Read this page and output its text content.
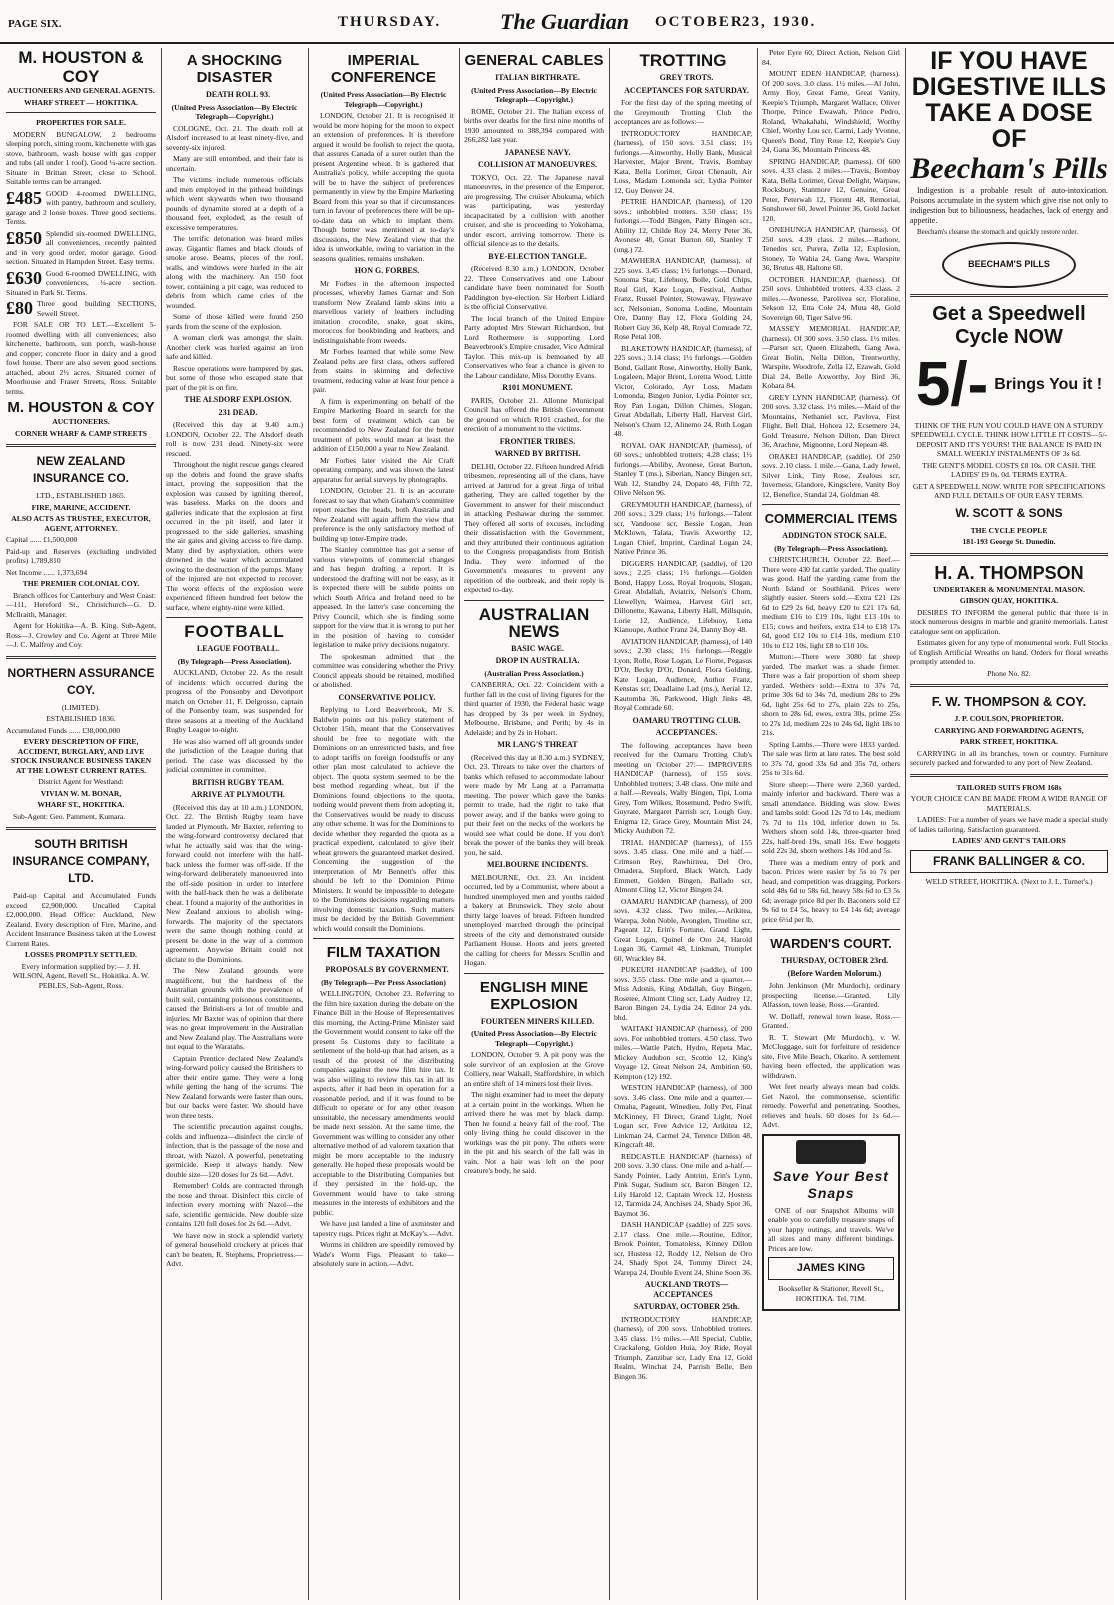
PAGE SIX.	THURSDAY.	The Guardian OCTOBER
23, 1930.
M. HOUSTON & COY

AUCTIONEERS AND GENERAL AGENTS.

WHARF STREET — HOKITIKA.

PROPERTIES FOR SALE.

MODERN BUNGALOW, 2 bedrooms sleeping porch, sitting room, kitchenette with gas stove, bathroom, wash house with gas copper and tubs (all under 1 roof). Good ¼-acre section. Situate in Brittan Street, close to School. Suitable terms can be arranged.

£485 GOOD 4-roomed DWELLING, with pantry, bathroom and scullery, garage and 2 loose boxes. Three good sections. Terms.

£850 Splendid six-roomed DWELLING, all conveniences, recently painted and in very good order, motor garage. Good section. Situated in Hampden Street. Easy terms.

£630 Good 6-roomed DWELLING, with conveniences, ¼-acre section. Situated in Park St. Terms.

£80 Three good building SECTIONS, Sewell Street.

FOR SALE OR TO LET.—Excellent 5-roomed dwelling with all conveniences; also kitchenette, bathroom, sun porch, wash-house and copper; concrete floor in dairy and a good fowl house. There are also seven good sections attached, about 2½ acres. Situated corner of Moorhouse and Fraser Streets, Ross. Suitable terms.

M. HOUSTON & COY

AUCTIONEERS.

CORNER WHARF & CAMP STREETS

NEW ZEALAND INSURANCE CO.

LTD., ESTABLISHED 1865.

FIRE, MARINE, ACCIDENT.

ALSO ACTS AS TRUSTEE, EXECUTOR, AGENT, ATTORNEY.

Capital ...... £1,500,000

Paid-up and Reserves (excluding undivided profits) 1,789,810

Net Income ...... 1,373,694

THE PREMIER COLONIAL COY.

Branch offices for Canterbury and West Coast:—111, Hereford St., Christchurch—G. D. McIlraith, Manager.

Agent for Hokitika—A. B. King. Sub-Agent, Ross—J. Crowley and Co. Agent at Three Mile—J. C. Malfroy and Coy.

NORTHERN ASSURANCE COY.

(LIMITED).

ESTABLISHED 1836.

Accumulated Funds ...... £38,000,000

EVERY DESCRIPTION OF FIRE, ACCIDENT, BURGLARY, AND LIVE STOCK INSURANCE BUSINESS TAKEN AT THE LOWEST CURRENT RATES.

District Agent for Westland:

VIVIAN W. M. BONAR,

WHARF ST., HOKITIKA.

Sub-Agent: Geo. Pamment, Kumara.

SOUTH BRITISH INSURANCE COMPANY, LTD.

Paid-up Capital and Accumulated Funds exceed £2,900,000. Uncalled Capital £2,000,000. Head Office: Auckland, New Zealand. Every description of Fire, Marine, and Accident Insurance Business taken at the Lowest Current Rates.

LOSSES PROMPTLY SETTLED.

Every information supplied by:— J. H. WILSON, Agent, Revell St., Hokitika. A. W. PEBLES, Sub-Agent, Ross.

A SHOCKING DISASTER

DEATH ROLL 93.

(United Press Association—By Electric Telegraph—Copyright.)

COLOGNE, Oct. 21. The death roll at Alsdorf increased to at least ninety-five, and seventy-six injured.

Many are still entombed, and their fate is uncertain.

The victims include numerous officials and men employed in the pithead buildings which went skywards when two thousand pounds of dynamite stored at a depth of a thousand feet, exploded, as the result of excessive temperatures.

The terrific detonation was heard miles away. Gigantic flames and black clouds of smoke arose. Beams, pieces of the roof, walls, and windows were hurled in the air along with the machinery. An 150 foot tower, containing a pit cage, was reduced to debris from which came cries of the wounded.

Some of those killed were found 250 yards from the scene of the explosion.

A woman clerk was amongst the slain. Another clerk was hurled against an iron safe and killed.

Rescue operations were hampered by gas, but some of those who escaped state that part of the pit is on fire.

THE ALSDORF EXPLOSION.

231 DEAD.

(Received this day at 9.40 a.m.) LONDON, October 22. The Alsdorf death roll is now 231 dead. Ninety-six were rescued.

Throughout the night rescue gangs cleared up the debris and found the grave shafts intact, proving the supposition that the explosion was caused by igniting thereof, was baseless. Marks on the doors and galleries indicate that the explosion at first occurred in the pit itself, and later it progressed to the side galleries, smashing the air gates and giving access to fire damp. Many died by asphyxiation, others were drowned in the water which accumulated owing to the destruction of the pumps. Many of the injured are not expected to recover. The worst effects of the explosion were experienced fifteen hundred feet below the surface, where eighty-nine were killed.

FOOTBALL

LEAGUE FOOTBALL.

(By Telegraph—Press Association).

AUCKLAND, October 22. As the result of incidents which occurred during the progress of the Ponsonby and Devonport match on October 11, F. Delgrosso, captain of the Ponsonby team, was suspended for three seasons at a meeting of the Auckland Rugby League to-night.

He was also warned off all grounds under the jurisdiction of the League during that period. The case was discussed by the judicial committee in committee.

BRITISH RUGBY TEAM.

ARRIVE AT PLYMOUTH.

(Received this day at 10 a.m.) LONDON, Oct. 22. The British Rugby team have landed at Plymouth. Mr Baxter, referring to the wing-forward controversy declared that what he actually said was that the wing-forward could not interfere with the half-back unless the former was off-side. If the wing-forward deliberately manoeuvred into the off-side position in order to interfere with the half-back then he was a deliberate cheat. I found a majority of the authorities in New Zealand anxious to abolish wing-forwards. The majority of the spectators were the same though nothing could at present be done in the way of a common agreement. Anywise Britain could not dictate to the Dominions.

The New Zealand grounds were magnificent, but the hardness of the Australian grounds with the prevalence of built soil, containing poisonous constituents, caused the British-ers a lot of trouble and injuries. Mr Baxter was of opinion that there was no great improvement in the Australian and New Zealand play. The Australians were not equal to the Waratahs.

Captain Prentice declared New Zealand's wing-forward policy caused the Britishers to alter their entire game. They were a long while getting the hang of the scrums. The New Zealand forwards were faster than ours, but our backs were faster. We should have won three tests.

The scientific precaution against coughs, colds and influenza—disinfect the circle of infection, that is the passage of the nose and throat, with Nazol. A powerful, penetrating germicide. Keep it always handy. New double size—120 doses for 2s 6d.—Advt.

Remember! Colds are contracted through the nose and throat. Disinfect this circle of infection every morning with Nazol—the safe, scientific germicide. New double size contains 120 full doses for 2s 6d.—Advt.

We have now in stock a splendid variety of general household crockery at prices that can't be beaten, R. Stephens, Proprietress.—Advt.

IMPERIAL CONFERENCE

(United Press Association—By Electric Telegraph—Copyright.)

LONDON, October 21. It is recognised it would be more hoping for the moon to expect an extension of preferences. It is therefore argued it would be foolish to reject the quota, that assures Canada of a surer outlet than the present Argentine wheat. It is gathered that Australia's policy, while accepting the quota will be to have the subject of preferences permanently in view by the Empire Marketing Board from this year so that if circumstances turn in favour of preferences there will be up-to-date data on which to implant them. Though butter was mentioned at to-day's discussions, the New Zealand view that the idea is unworkable, owing to variation in the seasons qualities, remains unshaken.

HON G. FORBES.

Mr Forbes in the afternoon inspected processes, whereby James Garnar and Son transform New Zealand lamb skins into a marvellous variety of leathers including imitation crocodile, snake, goat skins, moroccos for bookbinding and leathers, and indistinguishable from tweeds.

Mr Forbes learned that while some New Zealand pelts are first class, others suffered from stains in skinning and defective treatment, reducing value at least four pence a pair.

A firm is experimenting on behalf of the Empire Marketing Board in search for the best form of treatment which can be recommended to New Zealand for the better treatment of pelts would mean at least the addition of £150,000 a year to New Zealand.

Mr Forbes later visited the Air Craft operating company, and was shown the latest apparatus for aerial surveys by photographs.

LONDON, October 21. It is an accurate forecast to say that when Graham's committee report reaches the heads, both Australia and New Zealand will again affirm the view that preference is the only satisfactory method of building up inter-Empire trade.

The Stanley committee has got a sense of various viewpoints of commercial changes and has begun drafting a report. It is understood the drafting will not be easy, as it is expected there will be subtle points on which South Africa and Ireland need to be appeased. In the latter's case concerning the Privy Council, which she is finding some support for the view that it is wrong to put her in the position of having to consider legislation to make privy decisions nugatory.

The spokesman admitted that the committee was considering whether the Privy Council appeals should be retained, modified or abolished.

CONSERVATIVE POLICY.

Replying to Lord Beaverbrook, Mr S. Baldwin points out his policy statement of October 15th, meant that the Conservatives should be free to negotiate with the Dominions on an unrestricted basis, and free to adopt tariffs on foreign foodstuffs or any other plan most calculated to achieve the object. The quota system seemed to be the best method regarding wheat, but if the Dominions found objections to the quota, nothing would prevent them from adopting it, the Conservatives would be ready to discuss any other scheme. It was for the Dominions to decide whether they regarded the quota as a practical expedient, calculated to give their wheat growers the guaranteed market desired. Concerning the suggestion of the interpretation of Mr Bennett's offer this should be left to the Dominion Prime Ministers. It would be impossible to delegate to the Dominions decisions regarding matters involving domestic taxation. Such matters must be decided by the British Government which would consult the Dominions.

FILM TAXATION

PROPOSALS BY GOVERNMENT.

(By Telegraph—Per Press Association)

WELLINGTON, October 23. Referring to the film hire taxation during the debate on the Finance Bill in the House of Representatives this morning, the Acting-Prime Minister said the Government would consent to take off the present 5s Customs duty to facilitate a settlement of the hold-up that had arisen, as a result of the protest of the distributing companies against the new film hire tax. It was also willing to review this tax in all its aspects, after it had been in operation for a reasonable period, and if it was found to be difficult to operate or for any other reason unsuitable, the necessary amendments would be made next session. At the same time, the Government was willing to consider any other alternative method of ad valorem taxation that might be more acceptable to the industry generally. He hoped these proposals would be acceptable to the Distributing Companies but if they persisted in the hold-up, the Government would have to take strong measures in the interests of exhibitors and the public.

We have just landed a line of axminster and tapestry rugs. Prices right at McKay's.—Advt.

Worms in children are speedily removed by Wade's Worm Figs. Pleasant to take—absolutely sure in action.—Advt.

GENERAL CABLES

ITALIAN BIRTHRATE.

(United Press Association—By Electric Telegraph—Copyright.)

ROME, October 21. The Italian excess of births over deaths for the first nine months of 1930 amounted to 388,394 compared with 266,282 last year.

JAPANESE NAVY.

COLLISION AT MANOEUVRES.

TOKYO, Oct. 22. The Japanese naval manoeuvres, in the presence of the Emperor, are progressing. The cruiser Abukuma, which was participating, was yesterday incapacitated by a collision with another cruiser, and she is proceeding to Yokohama, under escort, arriving tomorrow. There is official silence as to the details.

BYE-ELECTION TANGLE.

(Received 8.30 a.m.) LONDON, October 22. Three Conservatives and one Labour candidate have been nominated for South Paddington bye-election. Sir Herbert Lidiard is the official Conservative.

The local branch of the United Empire Party adopted Mrs Stewart Richardson, but Lord Rothermere is supporting Lord Beaverbrook's Empire crusader, Vice Admiral Taylor. This mix-up is bemoaned by all Conservatives who fear a chance is given to the Labour candidate, Miss Dorothy Evans.

R101 MONUMENT.

PARIS, October 21. Allonne Municipal Council has offered the British Government the ground on which R101 crashed, for the erection of a monument to the victims.

FRONTIER TRIBES.

WARNED BY BRITISH.

DELHI, October 22. Fifteen hundred Afridi tribesmen, representing all of the clans, have arrived at Jamrud for a great Jirga of tribal gathering. They are called together by the Government to answer for their misconduct in attacking Peshawar during the summer. They offered all sorts of excuses, including their dissatisfaction with the Government, and they attributed their continuous agitation to the Congress propagandists from British India. They were informed of the Government's measures to prevent any repetition of the outbreak, and their reply is expected to-day.

AUSTRALIAN NEWS

BASIC WAGE.

DROP IN AUSTRALIA.

(Australian Press Association.)

CANBERRA, Oct. 22. Coincident with a further fall in the cost of living figures for the third quarter of 1930, the Federal basic wage has dropped by 3s per week in Sydney, Melbourne, Brisbane, and Perth; by 4s in Adelaide; and by 2s in Hobart.

MR LANG'S THREAT

(Received this day at 8.30 a.m.) SYDNEY, Oct. 23. Threats to take over the charters of banks which refused to accommodate labour were made by Mr Lang at a Parramatta meeting. The power which gave the banks permit to trade, had the right to take that power away, and if the banks were going to put their feet on the necks of the workers he would see what could be done. If you don't break the power of the banks they will break you, he said.

MELBOURNE INCIDENTS.

MELBOURNE, Oct. 23. An incident occurred, led by a Communist, where about a hundred unemployed men and youths raided a bakery at Brunswick. They stole about thirty large loaves of bread. Fifteen hundred unemployed marched through the principal streets of the city and demonstrated outside Parliament House. Hoots and jeers greeted the calling for cheers for Messrs Scullin and Hogan.

ENGLISH MINE EXPLOSION

FOURTEEN MINERS KILLED.

(United Press Association—By Electric Telegraph—Copyright.)

LONDON, October 9. A pit pony was the sole survivor of an explosion at the Grove Colliery, near Walsall, Staffordshire, in which an entire shift of 14 miners lost their lives.

The night examiner had to meet the deputy at a certain point in the workings. When he arrived there he was met by black damp. Then he found a heavy fall of the roof. The only living thing he could discover in the workings was the pit pony. The others were in the pit and his search of the fall was in vain. Not a hair was left on the poor creature's body, he said.

TROTTING

GREY TROTS.

ACCEPTANCES FOR SATURDAY.

For the first day of the spring meeting of the Greymouth Trotting Club the acceptances are as follows:—

INTRODUCTORY HANDICAP, (harness), of 150 sovs. 3.51 class; 1½ furlongs.—Ainworthy, Holly Bank, Musical Harvester, Major Brent, Travis, Bombay Kata, Bella Lorimer, Great Chenault, Air Loss, Madam Lomonda scr, Lydia Pointer 12, Guy Denver 24.

PETRIE HANDICAP, (harness), of 120 sovs.; unhobbled trotters. 3.50 class; 1½ furlongs.—Todd Bingen, Patty Bingen scr., Ability 12, Childe Roy 24, Merry Peter 36, Avonese 48, Great Burton 60, Stanley T (ung.) 72.

MAWHERA HANDICAP, (harness), of 225 sovs. 3.45 class; 1½ furlongs.—Donard, Sonoma Star, Lifebuoy, Bolle, Gold Chips, Real Girl, Kate Logan, Festival, Author Franz, Russel Pointer, Stowaway, Flyswave scr, Nelsonian, Sonoma Lodine, Mountain Ore, Danny Bay 12, Flora Golding 24, Robert Guy 36, Kelp 48, Royal Comrade 72, Rose Petal 108.

BLAKETOWN HANDICAP, (harness), of 225 sovs.; 3.14 class; 1½ furlongs.—Golden Bond, Gallant Rose, Ainworthy, Holly Bank, Logaleen, Major Brent, Loretta Wood, Little Victor, Colorado, Ayr Loss, Madam Lomonda, Bingen Junior, Lydia Pointer scr, Roy Pan Logan, Dillon Chimes, Slogan, Great Abdallah, Liberty Hall, Harvest Girl, Nelson's Chum 12, Alinemo 24, Ruth Logan 48.

ROYAL OAK HANDICAP, (harness), of 60 sovs.; unhobbled trotters; 4.28 class; 1½ furlongs.—Abiliby, Avonese, Great Burton, Stanley T (ms.), Siberian, Nancy Bingen scr, Wah 12, Standby 24, Dopato 48, Fifth 72, Olive Nelson 96.

GREYMOUTH HANDICAP, (harness), of 200 sovs.; 3.29 class; 1½ furlongs.—Talent scr, Vandoose scr, Bessie Logan, Jean McKlown, Talata, Travis Axworthy 12, Logan Chief, Imprint, Cardinal Logan 24, Native Prince 36.

DIGGERS HANDICAP, (saddle), of 120 sovs.; 2.25 class; 1½ furlongs.—Golden Bond, Happy Loss, Royal Iroquois, Slogan, Great Abdallah, Aviatrix, Nelson's Chum, Llewellyn, Waimea, Harvest Girl scr, Dillonette, Kawana, Liberty Hall, Millsquin, Lorie 12, Audience, Lifebuoy, Lena Kianoupe, Author Franz 24, Danny Boy 48.

AVIATION HANDICAP, (harness), of 140 sovs.; 2.30 class; 1½ furlongs.—Reggie Lyon, Rolle, Rose Logan, Le Fiorte, Pegasus D'Or, Becky D'Or, Donard, Flora Golding, Kate Logan, Audience, Author Franz, Kenstas scr, Deadlaine Lad (ms.), Aerial 12, Kautomba 36, Parkwood, High Jinks 48, Royal Comrade 60.

OAMARU TROTTING CLUB.

ACCEPTANCES.

The following acceptances have been received for the Oamaru Trotting Club's meeting on October 27:— IMPROVERS HANDICAP (harness), of 155 sovs. Unhobbled trotters; 3.48 class. One mile and a half.—Reveals, Wally Bingen, Tipi, Loma Grey, Tom Wilkes, Rosemund, Pedro Swift, Guyrate, Margaret Parrish scr, Lough Guy, Enigma 12, Grace Grey, Mountain Mist 24, Micky Audubon 72.

TRIAL HANDICAP (harness), of 155 sovs. 3.45 class. One mile and a half.—Crimson Rey, Rawhirirea, Del Oro, Omadera, Stepford, Black Watch, Lady Emmett, Golden Bingen, Ballado scr, Almont Cling 12, Victor Bingen 24.

OAMARU HANDICAP (harness), of 200 sovs. 4.32 class. Two miles.—Arikitea, Warepa, John Noble, Avonglen, Trueline scr, Pageant 12, Erin's Fortune, Grand Light, Great Logan, Quinel de Oro 24, Harold Logan 36, Carmel 48, Linkman, Trumplet 60, Wrackley 84.

PUKEURI HANDICAP (saddle), of 100 sovs. 3.55 class. One mile and a quarter.—Miss Adonis, King Abdallah, Guy Bingen, Rosetee, Almont Cling scr, Lady Audrey 12, Baron Bingen 24, Lydia 24, Editor 24 yds. bhd.

WAITAKI HANDICAP (harness), of 200 sovs. For unhobbled trotters. 4.50 class. Two miles.—Wattle Patch, Hydro, Repeta Mac, Mickey Audubon scr, Scottie 12, King's Voyage 12, Great Nelson 24, Ambition 60, Kempton (12) 192.

WESTON HANDICAP (harness), of 300 sovs. 3.46 class. One mile and a quarter.—Omaha, Pageant, Winedieu, Jolly Pet, Final McKinney, Fl Direct, Grand Light, Noel Logan scr, Free Advice 12, Arikitea 12, Linkman 24, Carmel 24, Terence Dillon 48, Kingcraft 48.

REDCASTLE HANDICAP (harness) of 200 sovs. 3.30 class. One mile and a-half.—Sandy Pointer, Lady Antrim, Erin's Lynn, Pink Sugar, Sudium scr, Baron Bingen 12, Lily Harold 12, Captain Wreck 12, Hostess 12, Tarmida 24, Anchises 24, Shady Spot 36, Baymot 36.

DASH HANDICAP (saddle) of 225 sovs. 2.17 class. One mile.—Routine, Editor, Brook Pointer, Tomatoless, Kinney Dillon scr, Hustess 12, Roddy 12, Nelson de Oro 24, Shady Spot 24, Tommy Direct 24, Warepa 24, Double Event 24, Shine Soon 36.

AUCKLAND TROTS—ACCEPTANCES

SATURDAY, OCTOBER 25th.

INTRODUCTORY HANDICAP, (harness), of 200 sovs. Unhobbled trotters. 3.45 class. 1½ miles.—All Special, Cublie, Crackalong, Golden Huia, Joy Ride, Royal Triumph, Zanzibar scr, Lady Ena 12, Gold Realm, Winchat 24, Parrish Belle, Ben Bingen 36.

Peter Eyre 60, Direct Action, Nelson Girl 84.

MOUNT EDEN HANDICAP, (harness). Of 200 sovs. 3.0 class. 1½ miles.—Al John, Army Boy, Great Fame, Great Vanity, Keepie's Triumph, Margaret Wallace, Oliver Thorpe, Prince Ewawah, Prince Pedro, Roland, Whakahahi, Windshield, Worthy Chief, Worthy Lou scr, Carmi, Lady Yvonne, Queen's Bond, Tiny Rose 12, Keepie's Guy 24, Gana 36, Mountain Princess 48.

SPRING HANDICAP, (harness). Of 600 sovs. 4.33 class. 2 miles.—Travis, Bombay Kata, Bella Lorimer, Great Delight, Warpaw, Rocksbury, Stanmore 12, Genuine, Great Peter, Peterwah 12, Florent 48, Remoriai, Sunshower 60, Jewel Pointer 36, Gold Jacket 120.

ONEHUNGA HANDICAP, (harness). Of 250 sovs. 4.39 class. 2 miles.—Rathore, Tenedos scr, Purera, Zella 12, Explosion, Stoney, Te Wahia 24, Gang Awa, Warspite 36, Brutus 48, Haltone 60.

OCTOBER HANDICAP, (harness). Of 250 sovs. Unhobbled trotters. 4.33 class. 2 miles.—Avonesse, Parolivea scr, Floraline, Sekson 12, Etta Cole 24, Muta 48, Gold Sovereign 60, Tiger Salve 96.

MASSEY MEMORIAL HANDICAP, (harness). Of 300 sovs. 3.50 class. 1½ miles.—Parser scr, Queen Elizabeth, Gang Awa, Great Bolin, Nella Dillon, Trentworthy, Warspite, Woodrofe, Zella 12, Ezawah, Gold Dial 24, Belle Axworthy, Joy Bird 36, Kohara 84.

GREY LYNN HANDICAP, (harness). Of 200 sovs. 3.32 class. 1½ miles.—Maid of the Mountains, Nethaniel scr, Pavlova, First Flight, Bell Dial, Hohora 12, Ecsemere 24, Gold Treasure, Nelson Dillon, Dan Direct 36, Arachne, Mignonne, Lord Nepean 48.

ORAKEI HANDICAP, (saddle). Of 250 sovs. 2.10 class. 1 mile.—Gana, Lady Jewel, Silver Link, Tiny Rose, Zealous scr, Inverness, Glandore, Kingsclere, Vanity Boy 12, Benefice, Standal 24, Goldman 48.

COMMERCIAL ITEMS

ADDINGTON STOCK SALE.

(By Telegraph—Press Association).

CHRISTCHURCH, October 22. Beef.—There were 430 fat cattle yarded. The quality was good. Half the yarding came from the North Island or Southland. Prices were slightly easier. Steers sold.—Extra £21 12s 6d to £29 2s 6d, heavy £20 to £21 17s 6d, medium £16 to £19 10s, light £13 10s to £15; cows and heifers, extra £14 to £18 17s 6d, good £12 10s to £14 10s, medium £10 10s to £12 10s, light £8 to £10 10s.

Mutton:—There were 3080 fat sheep yarded. The market was a shade firmer. There was a fair proportion of shorn sheep yarded. Wethers sold:—Extra to 37s 7d, prime 30s 6d to 34s 7d, medium 28s to 29s 6d, light 25s 6d to 27s, plain 22s to 25s, shorn to 28s 6d, ewes, extra 30s, prime 25s to 27s 1d, medium 22s to 24s 6d, light 18s to 21s.

Spring Lambs.—There were 1833 yarded. The sale was firm at late rates. The best sold to 37s 7d, good 33s 6d and 35s 7d, others 25s to 31s 6d.

Store sheep:—There were 2,360 yarded, mainly inferior and backward. There was a small attendance. Bidding was slow. Ewes and lambs sold: Good 12s 7d to 14s, medium 7s 7d to 11s 10d, inferior down to 5s. Wethers shorn sold 14s, three-quarter bred 22s, half-bred 19s, small 16s. Ewe hoggets sold 22s 3d, shorn wethers 14s 10d and 5s.

There was a medium entry of pork and bacon. Prices were easier by 5s to 7s per head, and competition was dragging. Porkers sold 48s 6d to 58s 6d, heavy 58s 6d to £3 5s 6d; average price 8d per lb. Baconers sold £2 9s 6d to £4 5s, heavy to £4 14s 6d; average price 6½d per lb.

WARDEN'S COURT.

THURSDAY, OCTOBER 23rd.

(Before Warden Molorum.)

John Jenkinson (Mr Murdoch), ordinary prospecting license.—Granted. Lily Alfasson, town lease, Ross.—Granted.

W. Dollaff, renewal town lease, Ross.—Granted.

R. T. Stewart (Mr Murdoch), v. W. McCluggage, suit for forfeiture of residence site, Five Mile Beach, Okarito. A settlement having been effected, the application was withdrawn.

Wet feet nearly always mean bad colds. Get Nazol, the commonsense, scientific remedy. Powerful and penetrating. Soothes, relieves and heals. 60 doses for 1s 6d.—Advt.

Save Your Best Snaps

ONE of our Snapshot Albums will enable you to carefully treasure snaps of your happy outings, and travels. We've all sizes and many different bindings. Prices are low.

JAMES KING

Bookseller & Stationer, Revell St., HOKITIKA. Tel. 71M.

IF YOU HAVE DIGESTIVE ILLS TAKE A DOSE OF
Beecham's Pills

Indigestion is a probable result of auto-intoxication. Poisons accumulate in the system which give rise not only to indigestion but to biliousness, headaches, lack of energy and appetite.

Beecham's cleanse the stomach and quickly restore order.

BEECHAM'S PILLS
Get a Speedwell Cycle NOW
5/- Brings You it !

THINK OF THE FUN YOU COULD HAVE ON A STURDY SPEEDWELL CYCLE. THINK HOW LITTLE IT COSTS—5/- DEPOSIT AND IT'S YOURS! THE BALANCE IS PAID IN SMALL WEEKLY INSTALMENTS OF 3s 6d.

THE GENT'S MODEL COSTS £8 10s. OR CASH. THE LADIES' £9 0s. 0d. TERMS EXTRA.

GET A SPEEDWELL NOW. WRITE FOR SPECIFICATIONS AND FULL DETAILS OF OUR EASY TERMS.

W. SCOTT & SONS

THE CYCLE PEOPLE

181-193 George St. Dunedin.

H. A. THOMPSON

UNDERTAKER & MONUMENTAL MASON.

GIBSON QUAY, HOKITIKA.

DESIRES TO INFORM the general public that there is in stock numerous designs in marble and granite memorials. Latest catalogue sent on application.

Estimates given for any type of monumental work. Full Stocks of English Artificial Wreaths on hand. Orders for floral wreaths promptly attended to.

Phone No. 82.

F. W. THOMPSON & COY.

J. P. COULSON, PROPRIETOR.

CARRYING AND FORWARDING AGENTS,

PARK STREET, HOKITIKA.

CARRYING in all its branches, town or country. Furniture securely packed and forwarded to any port of New Zealand.

TAILORED SUITS FROM 168s

YOUR CHOICE CAN BE MADE FROM A WIDE RANGE OF MATERIALS.

LADIES: For a number of years we have made a special study of ladies tailoring. Satisfaction guaranteed.

LADIES' AND GENT'S TAILORS

FRANK BALLINGER & CO.

WELD STREET, HOKITIKA. (Next to J. L. Turner's.)
